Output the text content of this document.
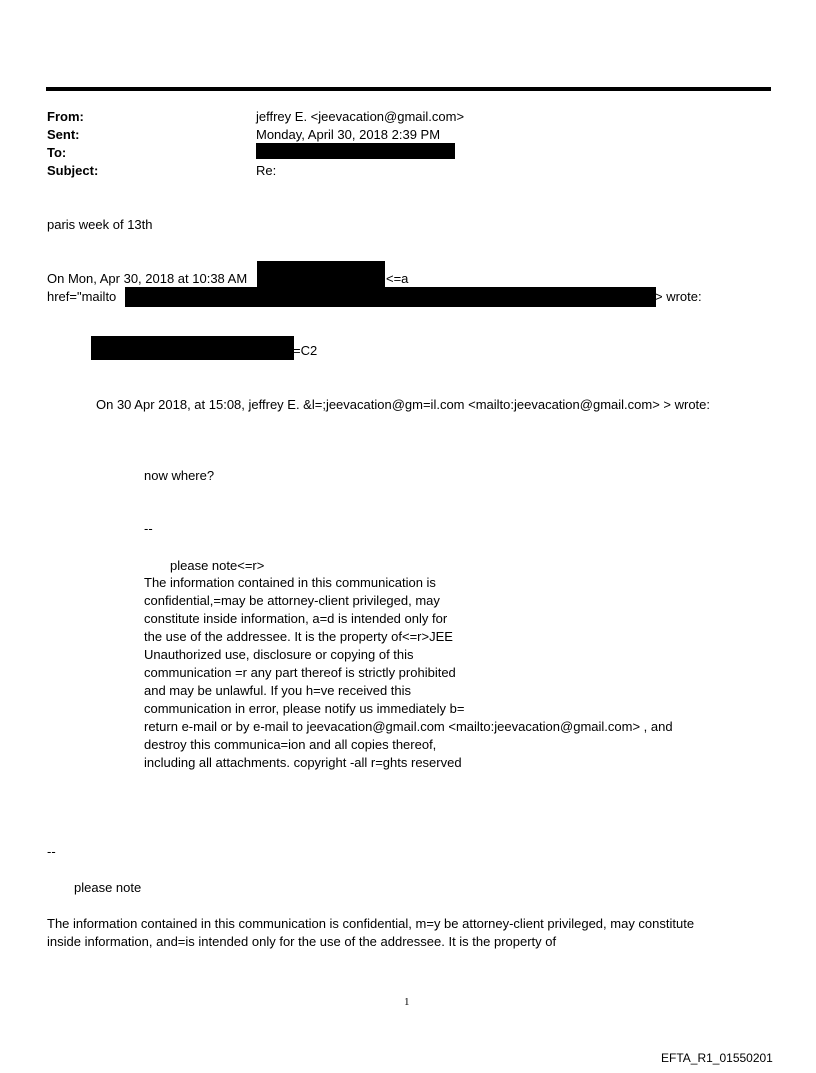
From:	jeffrey E. <jeevacation@gmail.com>
Sent:	Monday, April 30, 2018 2:39 PM
To:
Subject:	Re:
paris week of 13th
On Mon, Apr 30, 2018 at 10:38 AM	<=a
href="mailto	> wrote:
=C2
On 30 Apr 2018, at 15:08, jeffrey E. &l=;jeevacation@gm=il.com <mailto:jeevacation@gmail.com> > wrote:
now where?
--
please note<=r>
The information contained in this communication is
confidential,=may be attorney-client privileged, may
constitute inside information, a=d is intended only for
the use of the addressee. It is the property of<=r>JEE
Unauthorized use, disclosure or copying of this
communication =r any part thereof is strictly prohibited
and may be unlawful. If you h=ve received this
communication in error, please notify us immediately b=
return e-mail or by e-mail to jeevacation@gmail.com <mailto:jeevacation@gmail.com> , and
destroy this communica=ion and all copies thereof,
including all attachments. copyright -all r=ghts reserved
--
please note
The information contained in this communication is confidential, m=y be attorney-client privileged, may constitute
inside information, and=is intended only for the use of the addressee. It is the property of
1
EFTA_R1_01550201
